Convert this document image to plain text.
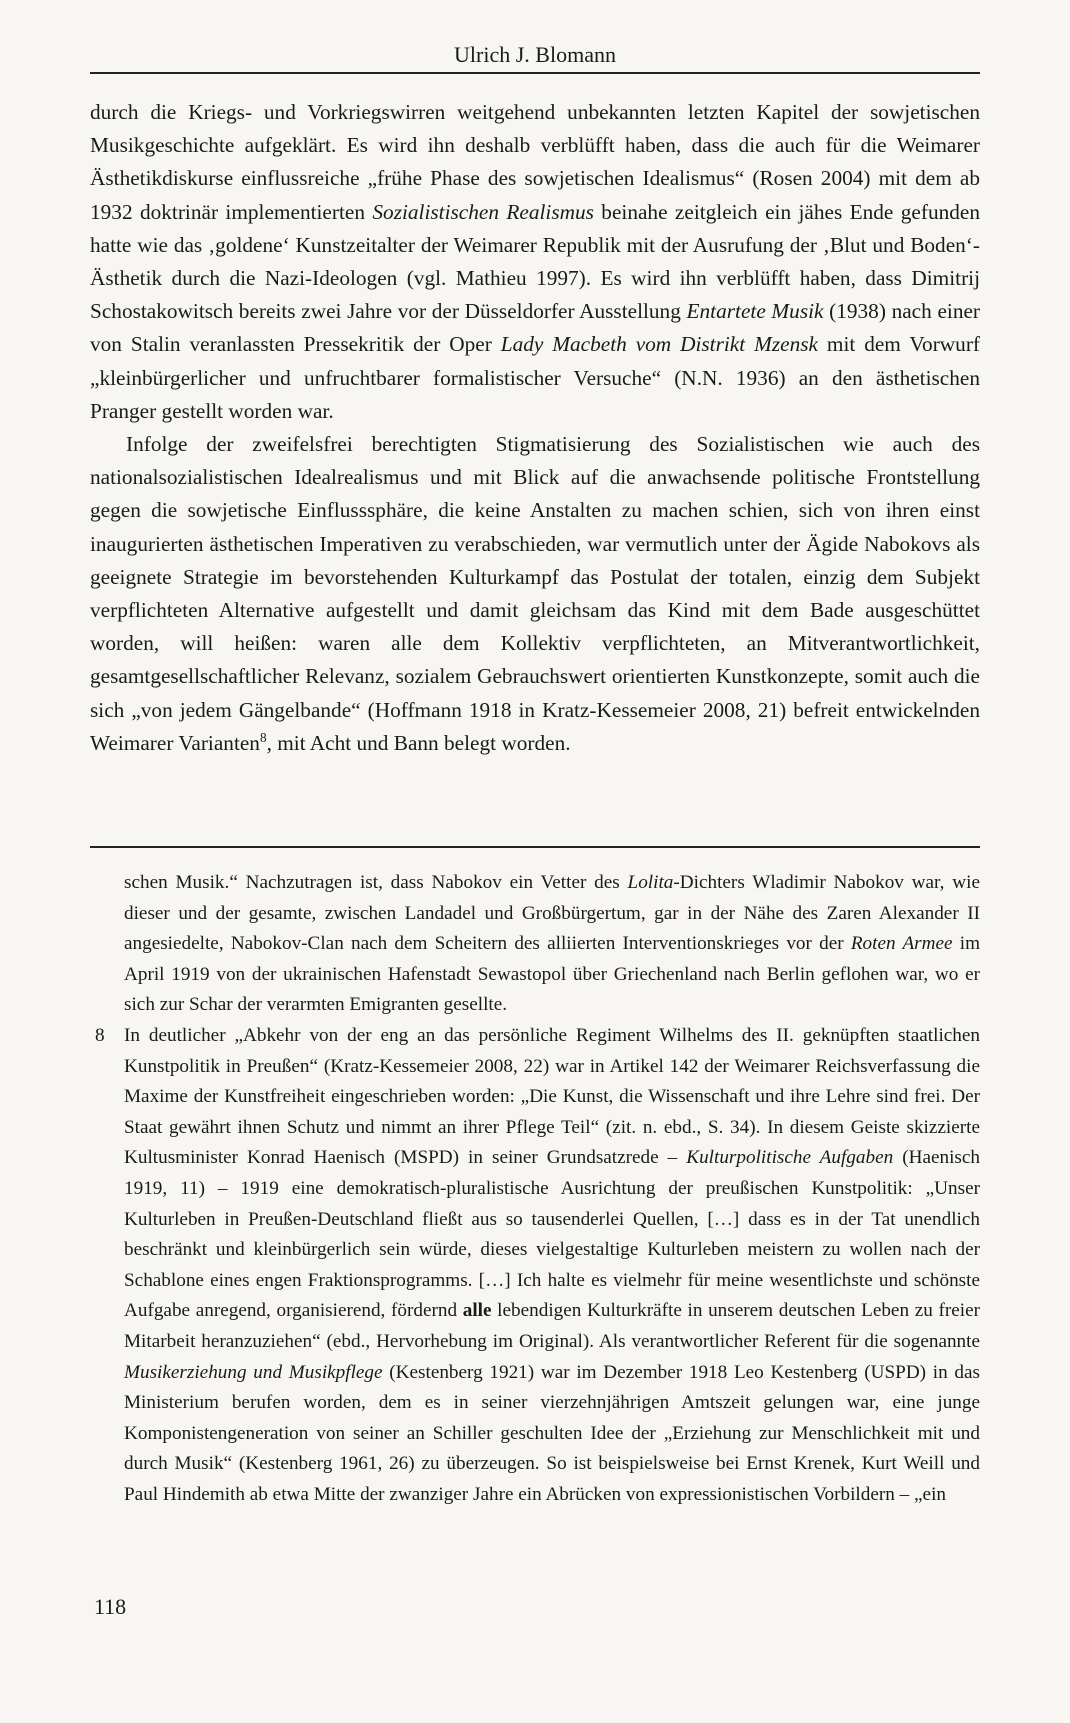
Ulrich J. Blomann

durch die Kriegs- und Vorkriegswirren weitgehend unbekannten letzten Kapitel der sowjetischen Musikgeschichte aufgeklärt. Es wird ihn deshalb verblüfft haben, dass die auch für die Weimarer Ästhetikdiskurse einflussreiche „frühe Phase des sowjetischen Idealismus“ (Rosen 2004) mit dem ab 1932 doktrinär implementierten Sozialistischen Realismus beinahe zeitgleich ein jähes Ende gefunden hatte wie das ‚goldene‘ Kunstzeitalter der Weimarer Republik mit der Ausrufung der ‚Blut und Boden‘-Ästhetik durch die Nazi-Ideologen (vgl. Mathieu 1997). Es wird ihn verblüfft haben, dass Dimitrij Schostakowitsch bereits zwei Jahre vor der Düsseldorfer Ausstellung Entartete Musik (1938) nach einer von Stalin veranlassten Pressekritik der Oper Lady Macbeth vom Distrikt Mzensk mit dem Vorwurf „kleinbürgerlicher und unfruchtbarer formalistischer Versuche“ (N.N. 1936) an den ästhetischen Pranger gestellt worden war.

Infolge der zweifelsfrei berechtigten Stigmatisierung des Sozialistischen wie auch des nationalsozialistischen Idealrealismus und mit Blick auf die anwachsende politische Frontstellung gegen die sowjetische Einflusssphäre, die keine Anstalten zu machen schien, sich von ihren einst inaugurierten ästhetischen Imperativen zu verabschieden, war vermutlich unter der Ägide Nabokovs als geeignete Strategie im bevorstehenden Kulturkampf das Postulat der totalen, einzig dem Subjekt verpflichteten Alternative aufgestellt und damit gleichsam das Kind mit dem Bade ausgeschüttet worden, will heißen: waren alle dem Kollektiv verpflichteten, an Mitverantwortlichkeit, gesamtgesellschaftlicher Relevanz, sozialem Gebrauchswert orientierten Kunstkonzepte, somit auch die sich „von jedem Gängelbande“ (Hoffmann 1918 in Kratz-Kessemeier 2008, 21) befreit entwickelnden Weimarer Varianten$^8$, mit Acht und Bann belegt worden.

schen Musik.“ Nachzutragen ist, dass Nabokov ein Vetter des Lolita-Dichters Wladimir Nabokov war, wie dieser und der gesamte, zwischen Landadel und Großbürgertum, gar in der Nähe des Zaren Alexander II angesiedelte, Nabokov-Clan nach dem Scheitern des alliierten Interventionskrieges vor der Roten Armee im April 1919 von der ukrainischen Hafenstadt Sewastopol über Griechenland nach Berlin geflohen war, wo er sich zur Schar der verarmten Emigranten gesellte.

8 In deutlicher „Abkehr von der eng an das persönliche Regiment Wilhelms des II. geknüpften staatlichen Kunstpolitik in Preußen“ (Kratz-Kessemeier 2008, 22) war in Artikel 142 der Weimarer Reichsverfassung die Maxime der Kunstfreiheit eingeschrieben worden: „Die Kunst, die Wissenschaft und ihre Lehre sind frei. Der Staat gewährt ihnen Schutz und nimmt an ihrer Pflege Teil“ (zit. n. ebd., S. 34). In diesem Geiste skizzierte Kultusminister Konrad Haenisch (MSPD) in seiner Grundsatzrede – Kulturpolitische Aufgaben (Haenisch 1919, 11) – 1919 eine demokratisch-pluralistische Ausrichtung der preußischen Kunstpolitik: „Unser Kulturleben in Preußen-Deutschland fließt aus so tausenderlei Quellen, […] dass es in der Tat unendlich beschränkt und kleinbürgerlich sein würde, dieses vielgestaltige Kulturleben meistern zu wollen nach der Schablone eines engen Fraktionsprogramms. […] Ich halte es vielmehr für meine wesentlichste und schönste Aufgabe anregend, organisierend, fördernd alle lebendigen Kulturkräfte in unserem deutschen Leben zu freier Mitarbeit heranzuziehen“ (ebd., Hervorhebung im Original). Als verantwortlicher Referent für die sogenannte Musikerziehung und Musikpflege (Kestenberg 1921) war im Dezember 1918 Leo Kestenberg (USPD) in das Ministerium berufen worden, dem es in seiner vierzehnjährigen Amtszeit gelungen war, eine junge Komponistengeneration von seiner an Schiller geschulten Idee der „Erziehung zur Menschlichkeit mit und durch Musik“ (Kestenberg 1961, 26) zu überzeugen. So ist beispielsweise bei Ernst Krenek, Kurt Weill und Paul Hindemith ab etwa Mitte der zwanziger Jahre ein Abrücken von expressionistischen Vorbildern – „ein

118
